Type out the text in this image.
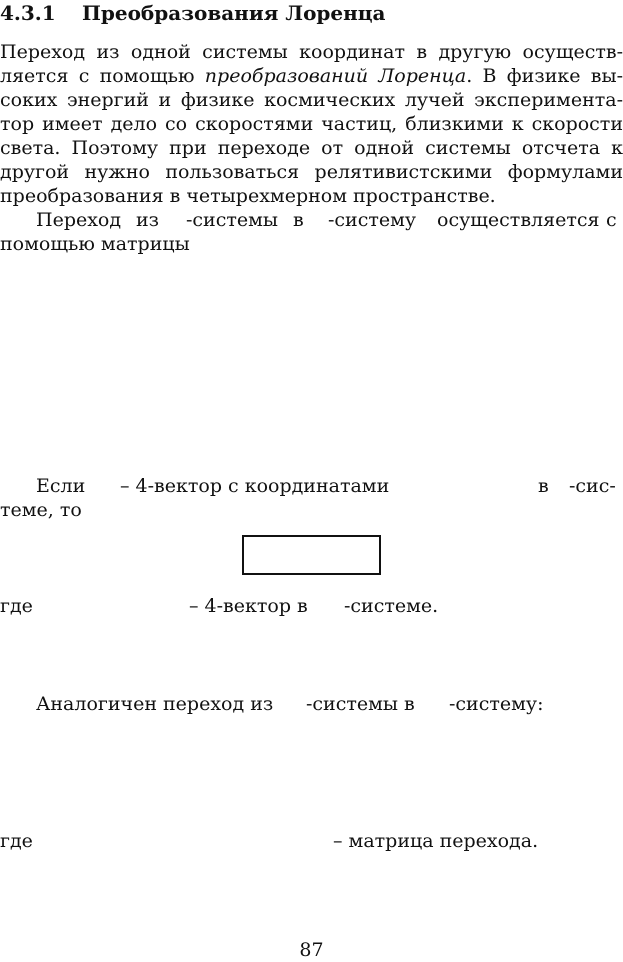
4.3.1 Преобразования Лоренца
Переход из одной системы координат в другую осуществ-
ляется с помощью преобразований Лоренца. В физике вы-
соких энергий и физике космических лучей эксперимента-
тор имеет дело со скоростями частиц, близкими к скорости
света. Поэтому при переходе от одной системы отсчета к
другой нужно пользоваться релятивистскими формулами
преобразования в четырехмерном пространстве.
Переход из -системы в -систему осуществляется с
помощью матрицы
Если – 4-вектор с координатами	в -сис-
теме, то
где	– 4-вектор в -системе.
Аналогичен переход из -системы в -систему:
где	– матрица перехода.
87
